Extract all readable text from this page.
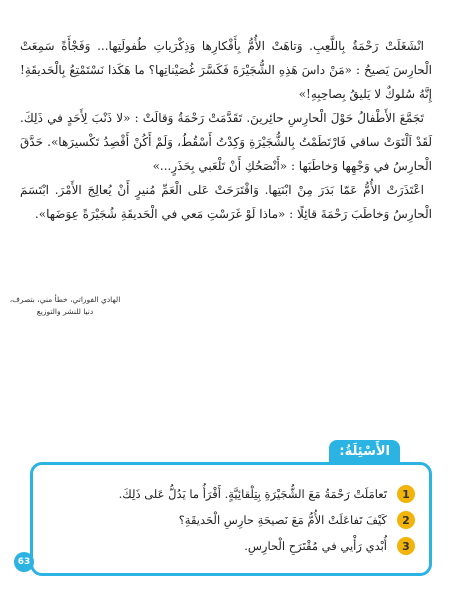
انْشَغَلَتْ رَحْمَةُ بِاللَّعِبِ. وَتاهَتْ الأُمُّ بِأَفْكارِها وَذِكْرَياتِ طُفولَتِها... وَفَجْأَةً سَمِعَتْ الْحارِسَ يَصيحُ : «مَنْ داسَ هَذِهِ الشُّجَيْرَةَ فَكَسَّرَ غُصَيْناتِها؟ ما هَكَذا نَسْتَمْتِعُ بِالْحَديقَةِ! إِنَّهُ سُلوكٌ لا يَليقُ بِصاحِبِهِ!»

تَجَمَّعَ الأَطْفالُ حَوْلَ الْحارِسِ حائِرينَ. تَقَدَّمَتْ رَحْمَةُ وَقالَتْ : «لا ذَنْبَ لِأَحَدٍ في ذَلِكَ. لَقَدْ اَلْتَوَتْ ساقي فَارْتَطَمْتُ بِالشُّجَيْرَةِ وَكِدْتُ أَسْقُطُ، وَلَمْ أَكُنْ أَقْصِدُ تَكْسيرَها». حَدَّقَ الْحارِسُ في وَجْهِها وَخاطَبَها : «أَنْصَحُكِ أَنْ تَلْعَبي بِحَذَرٍ...»

اعْتَذَرَتْ الأُمُّ عَمّا بَدَرَ مِنْ ابْنَتِها. وَاقْتَرَحَتْ عَلى الْعَمِّ مُنيرٍ أَنْ يُعالِجَ الأَمْرَ. ابْتَسَمَ الْحارِسُ وَخاطَبَ رَحْمَةَ قائِلًا : «ماذا لَوْ غَرَسْتِ مَعي في الْحَديقَةِ شُجَيْرَةً عِوَضَها».

الهادي الفوراتي، خطأ مني، بتصرف،
دنيا للنشر والتوزيع
الأَسْئِلَةُ:
1
تَعامَلَتْ رَحْمَةُ مَعَ الشُّجَيْرَةِ بِتِلْقائِيَّةٍ. أَقْرَأُ ما يَدُلُّ عَلى ذَلِكَ.
2
كَيْفَ تَفاعَلَتْ الأُمُّ مَعَ نَصيحَةِ حارِسِ الْحَديقَةِ؟
3
أُبْدي رَأْيي في مُقْتَرَحِ الْحارِسِ.
63
